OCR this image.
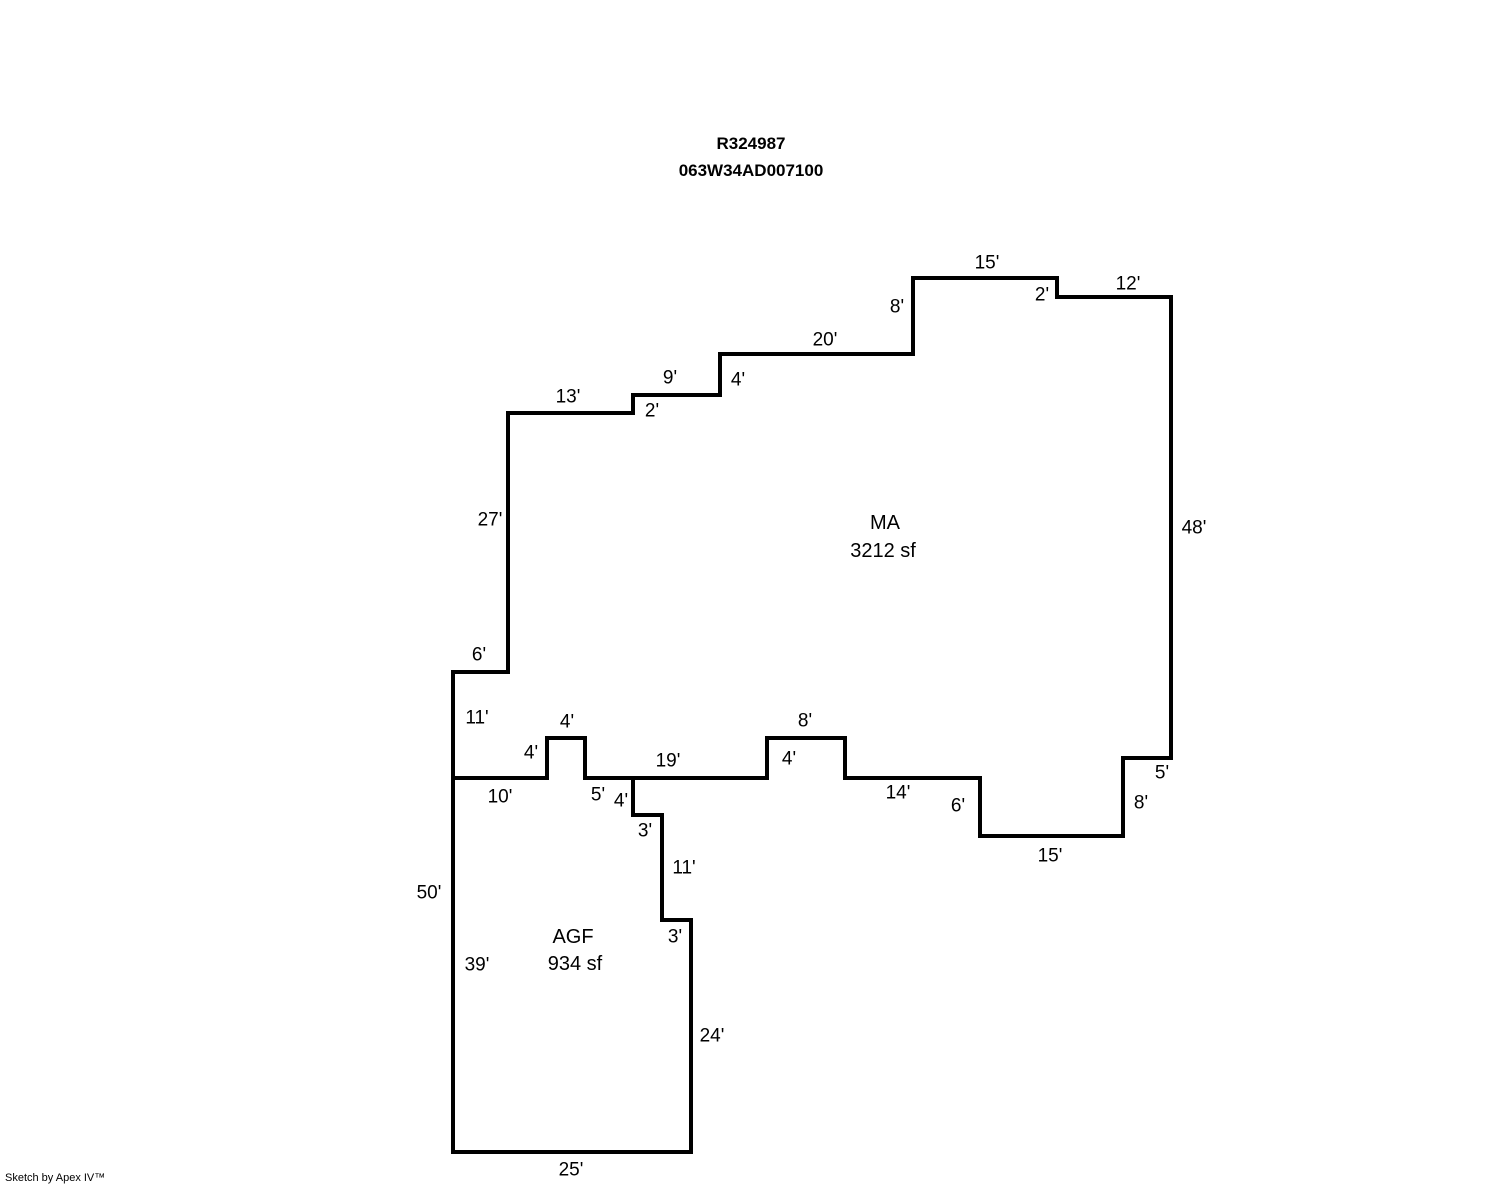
R324987
063W34AD007100
MA
3212 sf
AGF
934 sf
13'
2'
9'	4'
20'
8'
15'
2'
12'
48'
27'
6'
11'	4'
4'
10'	5' 4'
19'
8'
4'
14'
6'
15'
8'
5'
3'
11'
3'
50'
39'
24'
25'
Sketch by Apex IV™
